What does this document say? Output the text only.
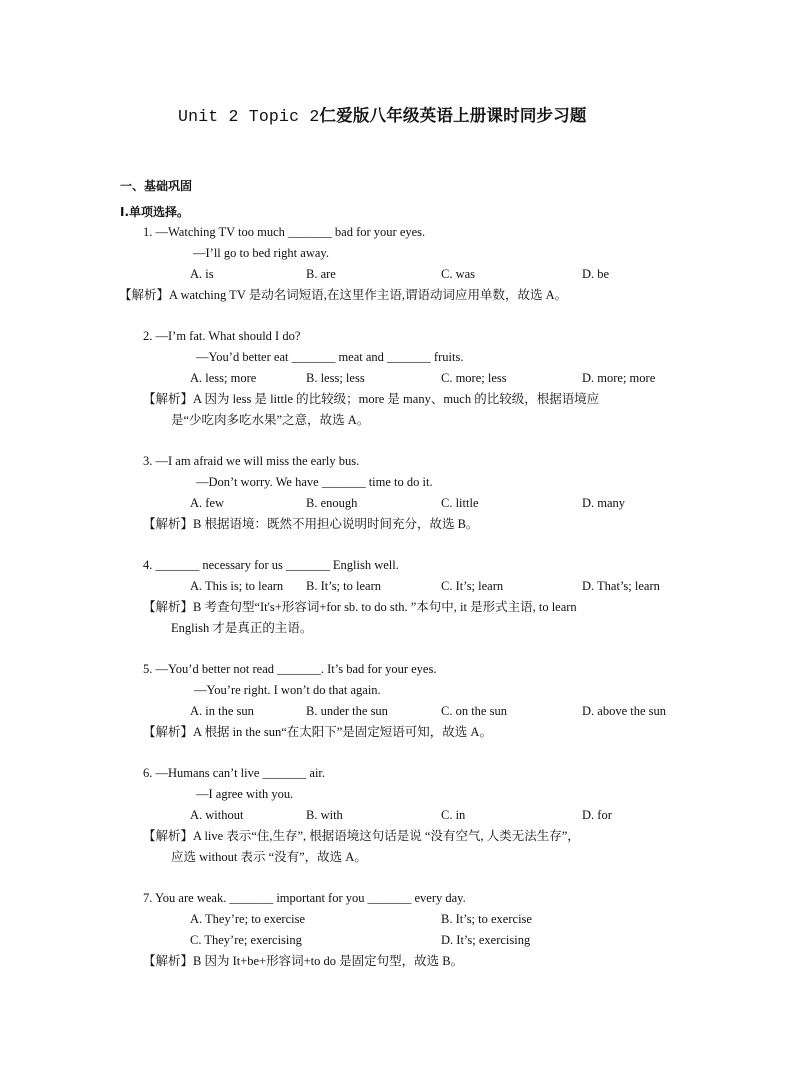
Unit 2 Topic 2仁爱版八年级英语上册课时同步习题
一、基础巩固
Ⅰ.单项选择。
1. —Watching TV too much _______ bad for your eyes.
—I’ll go to bed right away.
A. is	B. are	C. was	D. be
【解析】A watching TV 是动名词短语,在这里作主语,谓语动词应用单数，故选 A。
2. —I’m fat. What should I do?
—You’d better eat _______ meat and _______ fruits.
A. less; more	B. less; less	C. more; less	D. more; more
【解析】A 因为 less 是 little 的比较级；more 是 many、much 的比较级，根据语境应
是“少吃肉多吃水果”之意，故选 A。
3. —I am afraid we will miss the early bus.
—Don’t worry. We have _______ time to do it.
A. few	B. enough	C. little	D. many
【解析】B 根据语境：既然不用担心说明时间充分，故选 B。
4. _______ necessary for us _______ English well.
A. This is; to learn B. It’s; to learn	C. It’s; learn	D. That’s; learn
【解析】B 考查句型“It's+形容词+for sb. to do sth. ”本句中, it 是形式主语, to learn
English 才是真正的主语。
5. —You’d better not read _______. It’s bad for your eyes.
—You’re right. I won’t do that again.
A. in the sun	B. under the sun	C. on the sun	D. above the sun
【解析】A 根据 in the sun“在太阳下”是固定短语可知，故选 A。
6. —Humans can’t live _______ air.
—I agree with you.
A. without	B. with	C. in	D. for
【解析】A live 表示“住,生存”, 根据语境这句话是说 “没有空气, 人类无法生存”，
应选 without 表示 “没有”，故选 A。
7. You are weak. _______ important for you _______ every day.
A. They’re; to exercise	B. It’s; to exercise
C. They’re; exercising	D. It’s; exercising
【解析】B 因为 It+be+形容词+to do 是固定句型，故选 B。
